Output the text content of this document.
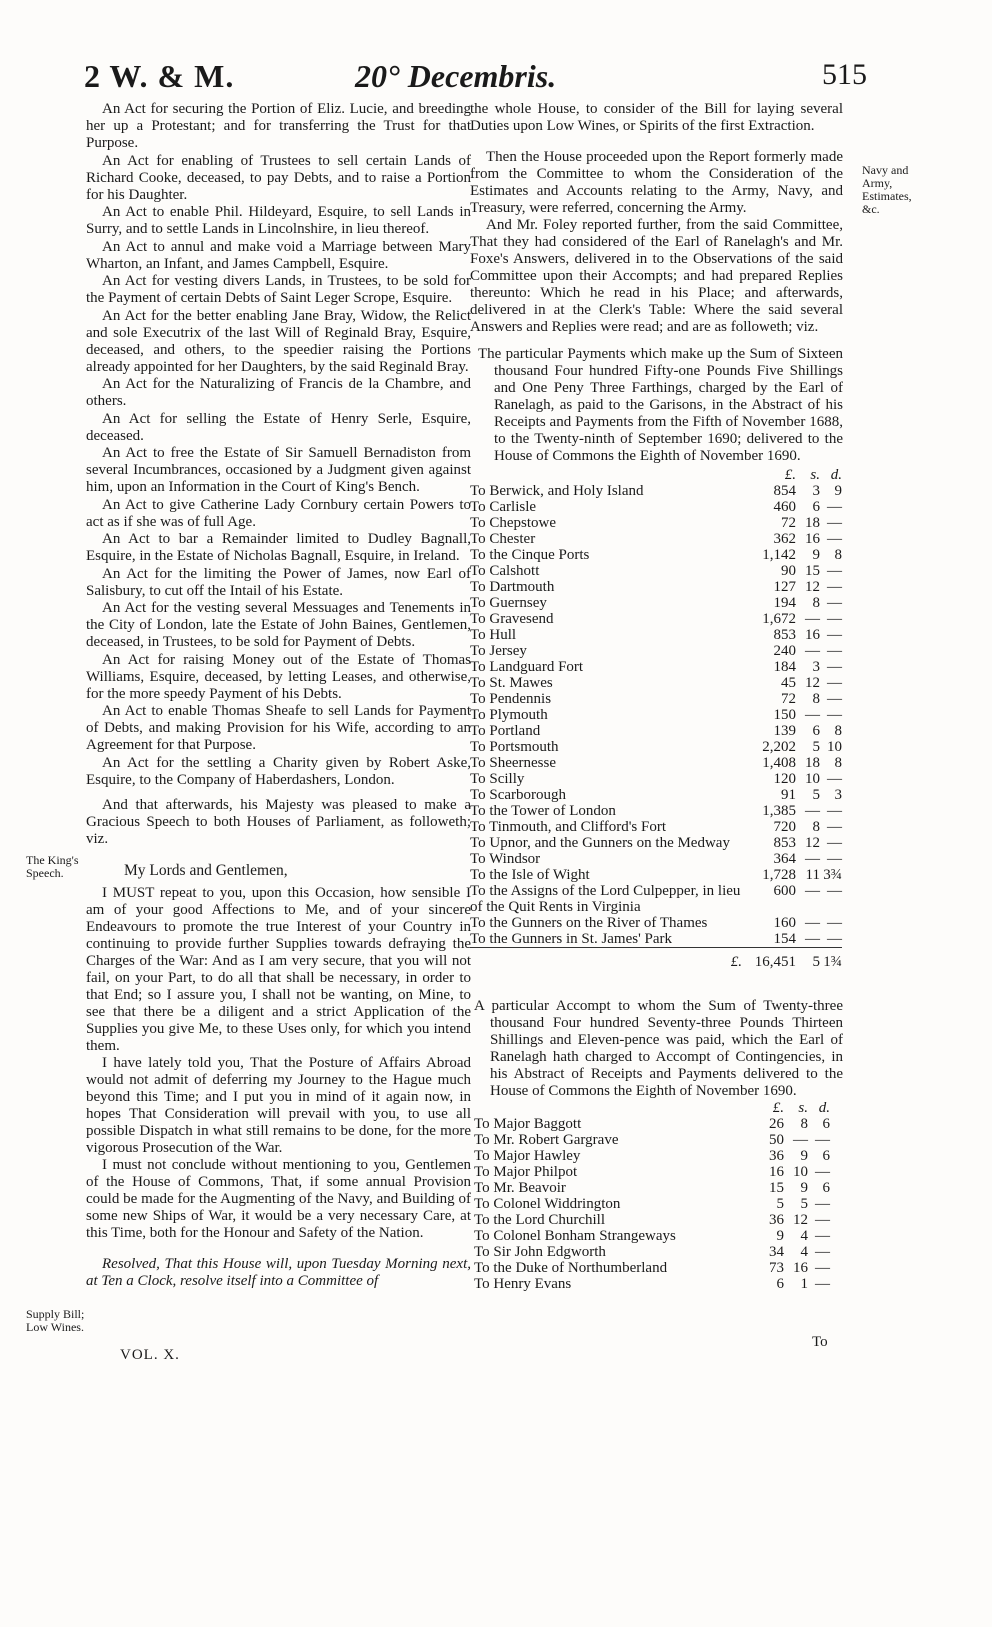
2 W. & M.	20° Decembris.	515
The King's Speech.
Supply Bill; Low Wines.
Navy and Army, Estimates, &c.

An Act for securing the Portion of Eliz. Lucie, and breeding her up a Protestant; and for transferring the Trust for that Purpose.

An Act for enabling of Trustees to sell certain Lands of Richard Cooke, deceased, to pay Debts, and to raise a Portion for his Daughter.

An Act to enable Phil. Hildeyard, Esquire, to sell Lands in Surry, and to settle Lands in Lincolnshire, in lieu thereof.

An Act to annul and make void a Marriage between Mary Wharton, an Infant, and James Campbell, Esquire.

An Act for vesting divers Lands, in Trustees, to be sold for the Payment of certain Debts of Saint Leger Scrope, Esquire.

An Act for the better enabling Jane Bray, Widow, the Relict and sole Executrix of the last Will of Reginald Bray, Esquire, deceased, and others, to the speedier raising the Portions already appointed for her Daughters, by the said Reginald Bray.

An Act for the Naturalizing of Francis de la Chambre, and others.

An Act for selling the Estate of Henry Serle, Esquire, deceased.

An Act to free the Estate of Sir Samuell Bernadiston from several Incumbrances, occasioned by a Judgment given against him, upon an Information in the Court of King's Bench.

An Act to give Catherine Lady Cornbury certain Powers to act as if she was of full Age.

An Act to bar a Remainder limited to Dudley Bagnall, Esquire, in the Estate of Nicholas Bagnall, Esquire, in Ireland.

An Act for the limiting the Power of James, now Earl of Salisbury, to cut off the Intail of his Estate.

An Act for the vesting several Messuages and Tenements in the City of London, late the Estate of John Baines, Gentlemen, deceased, in Trustees, to be sold for Payment of Debts.

An Act for raising Money out of the Estate of Thomas Williams, Esquire, deceased, by letting Leases, and otherwise, for the more speedy Payment of his Debts.

An Act to enable Thomas Sheafe to sell Lands for Payment of Debts, and making Provision for his Wife, according to an Agreement for that Purpose.

An Act for the settling a Charity given by Robert Aske, Esquire, to the Company of Haberdashers, London.

And that afterwards, his Majesty was pleased to make a Gracious Speech to both Houses of Parliament, as followeth; viz.

My Lords and Gentlemen,

I MUST repeat to you, upon this Occasion, how sensible I am of your good Affections to Me, and of your sincere Endeavours to promote the true Interest of your Country in continuing to provide further Supplies towards defraying the Charges of the War: And as I am very secure, that you will not fail, on your Part, to do all that shall be necessary, in order to that End; so I assure you, I shall not be wanting, on Mine, to see that there be a diligent and a strict Application of the Supplies you give Me, to these Uses only, for which you intend them.

I have lately told you, That the Posture of Affairs Abroad would not admit of deferring my Journey to the Hague much beyond this Time; and I put you in mind of it again now, in hopes That Consideration will prevail with you, to use all possible Dispatch in what still remains to be done, for the more vigorous Prosecution of the War.

I must not conclude without mentioning to you, Gentlemen of the House of Commons, That, if some annual Provision could be made for the Augmenting of the Navy, and Building of some new Ships of War, it would be a very necessary Care, at this Time, both for the Honour and Safety of the Nation.

Resolved, That this House will, upon Tuesday Morning next, at Ten a Clock, resolve itself into a Committee of

VOL. X.

the whole House, to consider of the Bill for laying several Duties upon Low Wines, or Spirits of the first Extraction.

Then the House proceeded upon the Report formerly made from the Committee to whom the Consideration of the Estimates and Accounts relating to the Army, Navy, and Treasury, were referred, concerning the Army.

And Mr. Foley reported further, from the said Committee, That they had considered of the Earl of Ranelagh's and Mr. Foxe's Answers, delivered in to the Observations of the said Committee upon their Accompts; and had prepared Replies thereunto: Which he read in his Place; and afterwards, delivered in at the Clerk's Table: Where the said several Answers and Replies were read; and are as followeth; viz.

The particular Payments which make up the Sum of Sixteen thousand Four hundred Fifty-one Pounds Five Shillings and One Peny Three Farthings, charged by the Earl of Ranelagh, as paid to the Garisons, in the Abstract of his Receipts and Payments from the Fifth of November 1688, to the Twenty-ninth of September 1690; delivered to the House of Commons the Eighth of November 1690.

	£.	s.	d.
To Berwick, and Holy Island	854	3	9
To Carlisle	460	6	—
To Chepstowe	72	18	—
To Chester	362	16	—
To the Cinque Ports	1,142	9	8
To Calshott	90	15	—
To Dartmouth	127	12	—
To Guernsey	194	8	—
To Gravesend	1,672	—	—
To Hull	853	16	—
To Jersey	240	—	—
To Landguard Fort	184	3	—
To St. Mawes	45	12	—
To Pendennis	72	8	—
To Plymouth	150	—	—
To Portland	139	6	8
To Portsmouth	2,202	5	10
To Sheernesse	1,408	18	8
To Scilly	120	10	—
To Scarborough	91	5	3
To the Tower of London	1,385	—	—
To Tinmouth, and Clifford's Fort	720	8	—
To Upnor, and the Gunners on the Medway	853	12	—
To Windsor	364	—	—
To the Isle of Wight	1,728	11	3¾
To the Assigns of the Lord Culpepper, in lieu of the Quit Rents in Virginia	600	—	—
To the Gunners on the River of Thames	160	—	—
To the Gunners in St. James' Park	154	—	—
£.	16,451	5	1¾

A particular Accompt to whom the Sum of Twenty-three thousand Four hundred Seventy-three Pounds Thirteen Shillings and Eleven-pence was paid, which the Earl of Ranelagh hath charged to Accompt of Contingencies, in his Abstract of Receipts and Payments delivered to the House of Commons the Eighth of November 1690.

	£.	s.	d.
To Major Baggott	26	8	6
To Mr. Robert Gargrave	50	—	—
To Major Hawley	36	9	6
To Major Philpot	16	10	—
To Mr. Beavoir	15	9	6
To Colonel Widdrington	5	5	—
To the Lord Churchill	36	12	—
To Colonel Bonham Strangeways	9	4	—
To Sir John Edgworth	34	4	—
To the Duke of Northumberland	73	16	—
To Henry Evans	6	1	—
To
